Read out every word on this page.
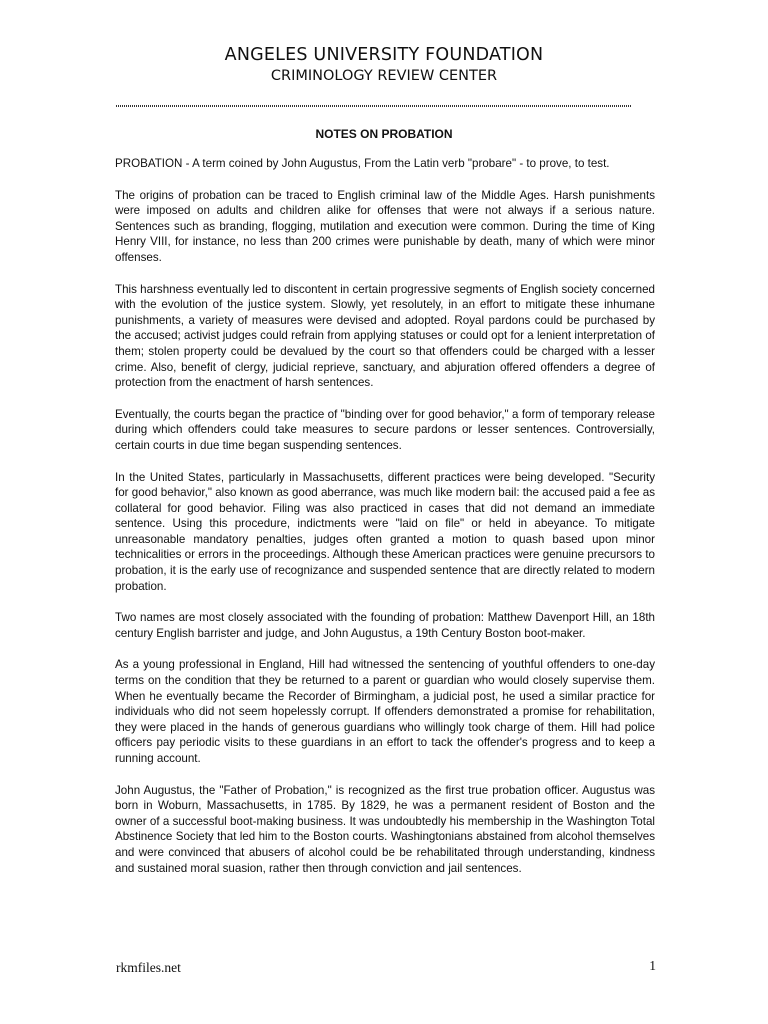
ANGELES UNIVERSITY FOUNDATION
CRIMINOLOGY REVIEW CENTER
NOTES ON PROBATION

PROBATION - A term coined by John Augustus, From the Latin verb "probare" - to prove, to test.

The origins of probation can be traced to English criminal law of the Middle Ages. Harsh punishments were imposed on adults and children alike for offenses that were not always if a serious nature. Sentences such as branding, flogging, mutilation and execution were common. During the time of King Henry VIII, for instance, no less than 200 crimes were punishable by death, many of which were minor offenses.

This harshness eventually led to discontent in certain progressive segments of English society concerned with the evolution of the justice system. Slowly, yet resolutely, in an effort to mitigate these inhumane punishments, a variety of measures were devised and adopted. Royal pardons could be purchased by the accused; activist judges could refrain from applying statuses or could opt for a lenient interpretation of them; stolen property could be devalued by the court so that offenders could be charged with a lesser crime. Also, benefit of clergy, judicial reprieve, sanctuary, and abjuration offered offenders a degree of protection from the enactment of harsh sentences.

Eventually, the courts began the practice of "binding over for good behavior," a form of temporary release during which offenders could take measures to secure pardons or lesser sentences. Controversially, certain courts in due time began suspending sentences.

In the United States, particularly in Massachusetts, different practices were being developed. "Security for good behavior," also known as good aberrance, was much like modern bail: the accused paid a fee as collateral for good behavior. Filing was also practiced in cases that did not demand an immediate sentence. Using this procedure, indictments were "laid on file" or held in abeyance. To mitigate unreasonable mandatory penalties, judges often granted a motion to quash based upon minor technicalities or errors in the proceedings. Although these American practices were genuine precursors to probation, it is the early use of recognizance and suspended sentence that are directly related to modern probation.

Two names are most closely associated with the founding of probation: Matthew Davenport Hill, an 18th century English barrister and judge, and John Augustus, a 19th Century Boston boot-maker.

As a young professional in England, Hill had witnessed the sentencing of youthful offenders to one-day terms on the condition that they be returned to a parent or guardian who would closely supervise them. When he eventually became the Recorder of Birmingham, a judicial post, he used a similar practice for individuals who did not seem hopelessly corrupt. If offenders demonstrated a promise for rehabilitation, they were placed in the hands of generous guardians who willingly took charge of them. Hill had police officers pay periodic visits to these guardians in an effort to tack the offender's progress and to keep a running account.

John Augustus, the "Father of Probation," is recognized as the first true probation officer. Augustus was born in Woburn, Massachusetts, in 1785. By 1829, he was a permanent resident of Boston and the owner of a successful boot-making business. It was undoubtedly his membership in the Washington Total Abstinence Society that led him to the Boston courts. Washingtonians abstained from alcohol themselves and were convinced that abusers of alcohol could be be rehabilitated through understanding, kindness and sustained moral suasion, rather then through conviction and jail sentences.

rkmfiles.net	1
